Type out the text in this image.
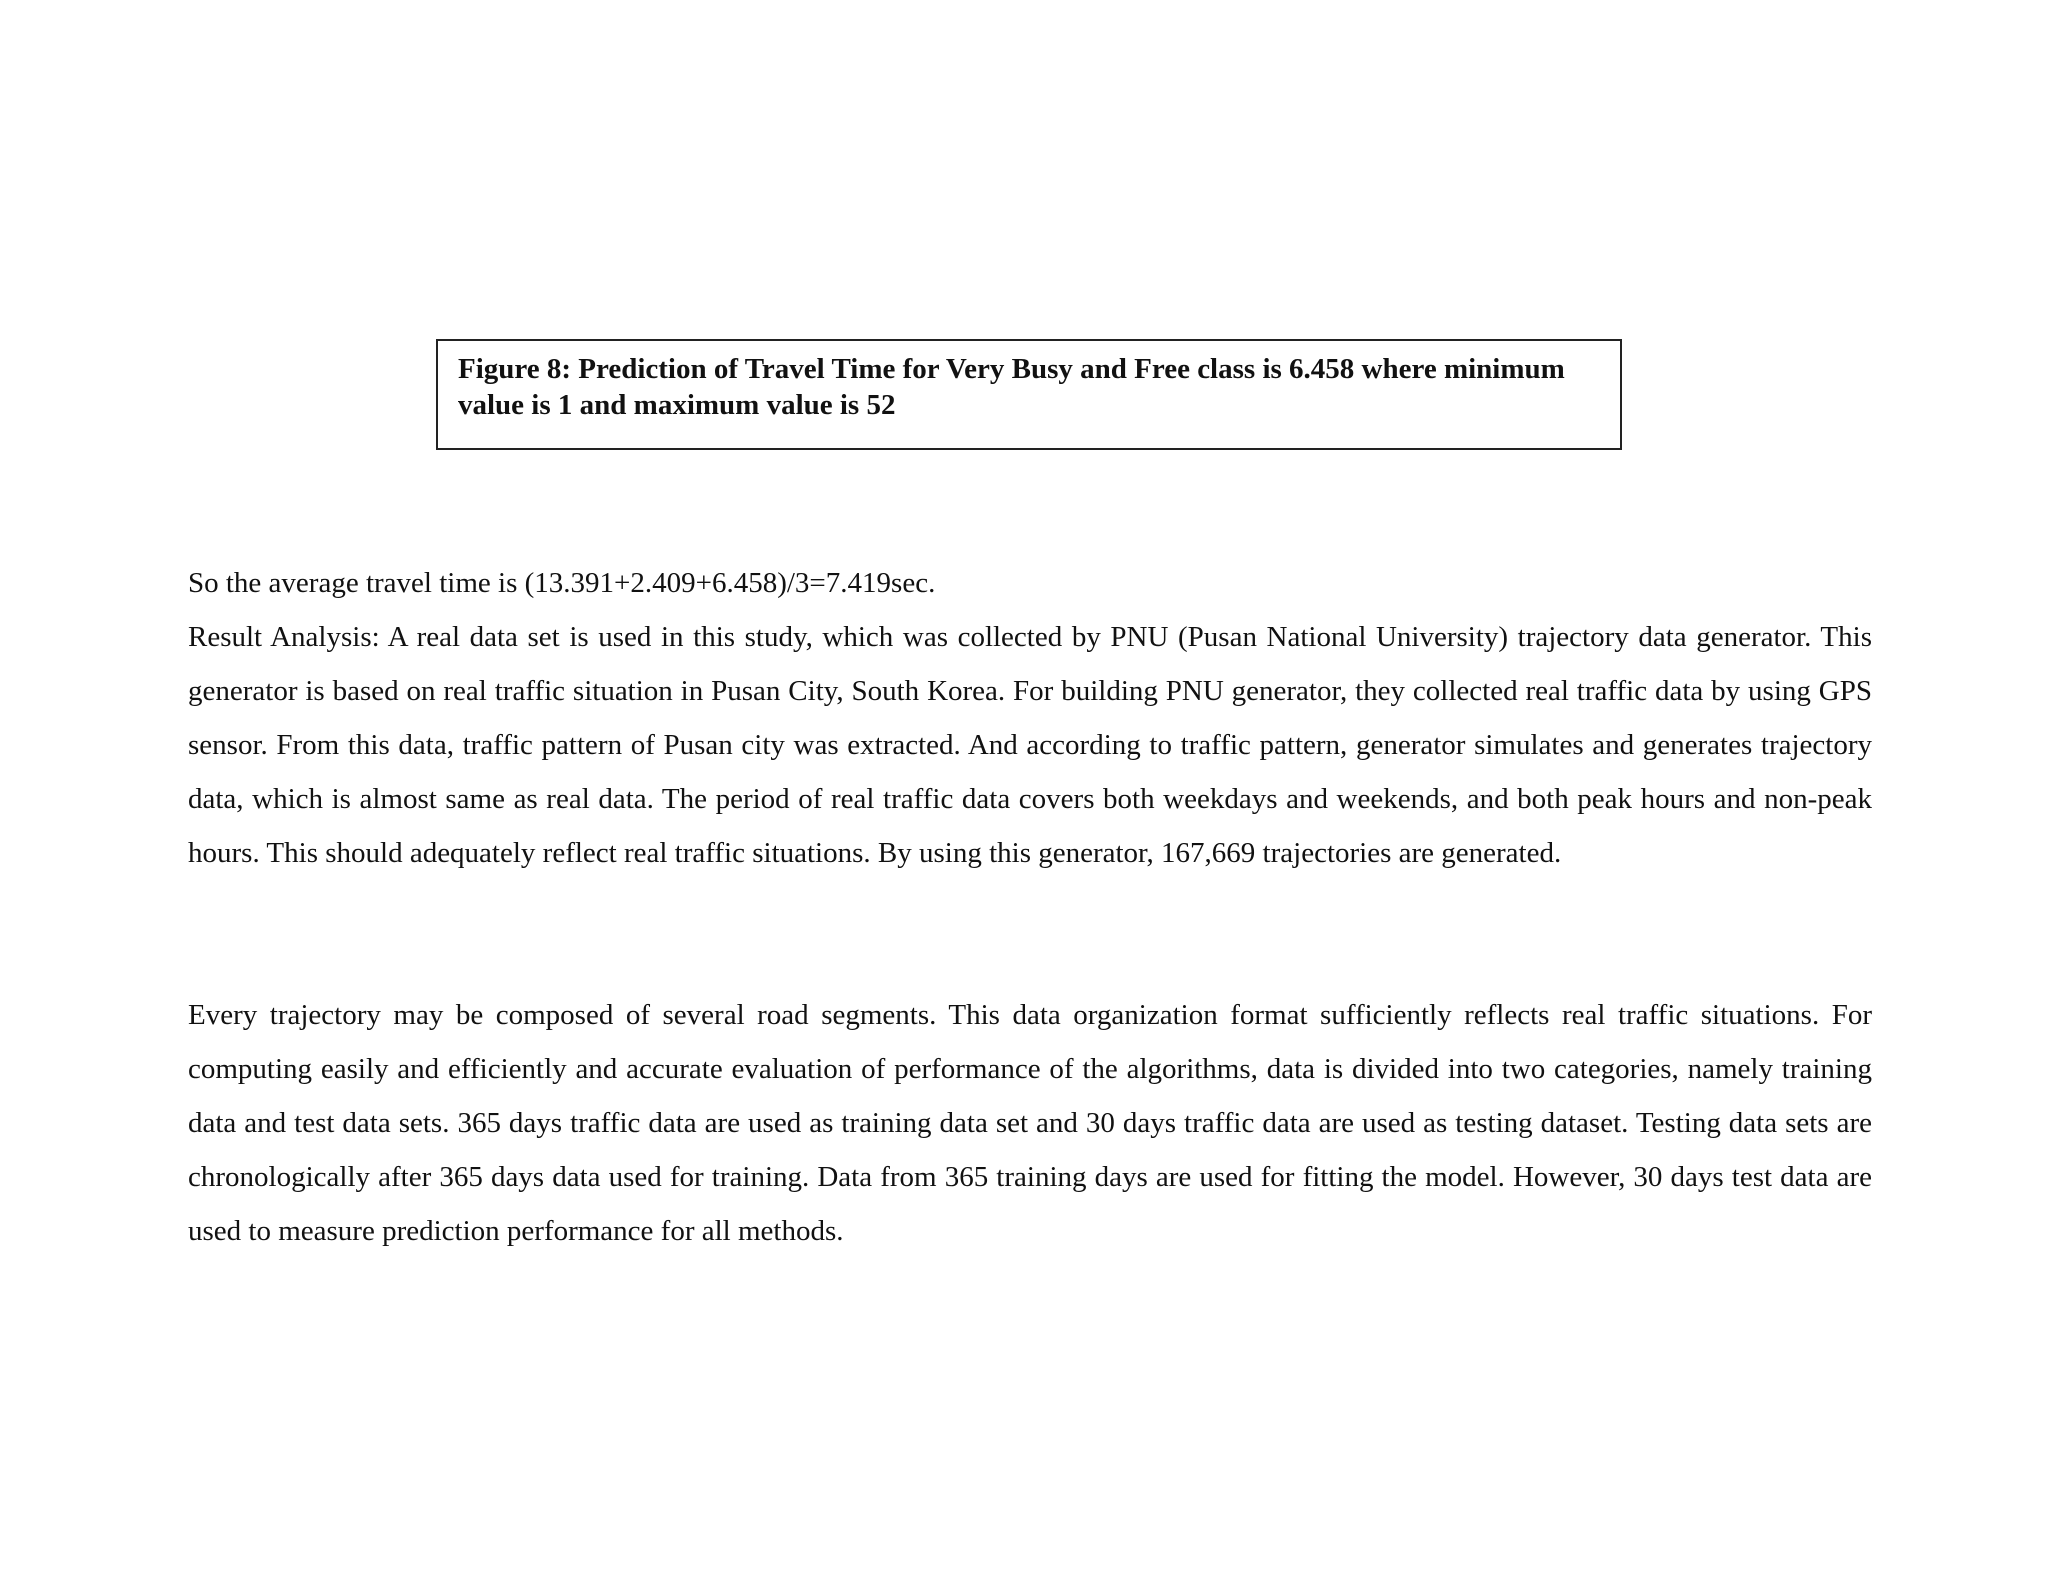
Figure 8: Prediction of Travel Time for Very Busy and Free class is 6.458 where minimum value is 1 and maximum value is 52

So the average travel time is (13.391+2.409+6.458)/3=7.419sec.

Result Analysis: A real data set is used in this study, which was collected by PNU (Pusan National University) trajectory data generator. This generator is based on real traffic situation in Pusan City, South Korea. For building PNU generator, they collected real traffic data by using GPS sensor. From this data, traffic pattern of Pusan city was extracted. And according to traffic pattern, generator simulates and generates trajectory data, which is almost same as real data. The period of real traffic data covers both weekdays and weekends, and both peak hours and non-peak hours. This should adequately reflect real traffic situations. By using this generator, 167,669 trajectories are generated.

Every trajectory may be composed of several road segments. This data organization format sufficiently reflects real traffic situations. For computing easily and efficiently and accurate evaluation of performance of the algorithms, data is divided into two categories, namely training data and test data sets. 365 days traffic data are used as training data set and 30 days traffic data are used as testing dataset. Testing data sets are chronologically after 365 days data used for training. Data from 365 training days are used for fitting the model. However, 30 days test data are used to measure prediction performance for all methods.
